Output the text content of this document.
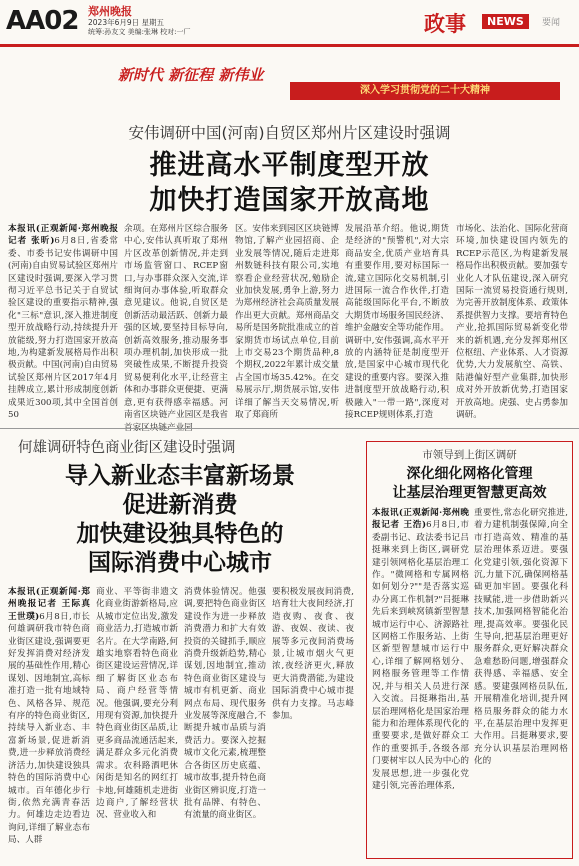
AA02 郑州晚报
2023年6月9日 星期五
统筹:孙友文 美编:张琳 校对:一厂	政事	NEWS	要闻
新时代 新征程 新伟业
深入学习贯彻党的二十大精神
安伟调研中国(河南)自贸区郑州片区建设时强调
推进高水平制度型开放
加快打造国家开放高地
本报讯(正观新闻·郑州晚报记者 张昕)6月8日,省委常委、市委书记安伟调研中国(河南)自由贸易试验区郑州片区建设时强调,要深入学习贯彻习近平总书记关于自贸试验区建设的重要指示精神,强化"三标"意识,深入推进制度型开放战略行动,持续提升开放能级,努力打造国家开放高地,为构建新发展格局作出积极贡献。中国(河南)自由贸易试验区郑州片区2017年4月挂牌成立,累计形成制度创新成果近300项,其中全国首创50
余项。在郑州片区综合服务中心,安伟认真听取了郑州片区改革创新情况,并走到市场监管窗口、RCEP窗口,与办事群众深入交流,详细询问办事体验,听取群众意见建议。他说,自贸区是创新活动最活跃、创新力最强的区域,要坚持目标导向,创新高效服务,推动服务事项办理机制,加快形成一批突破性成果,不断提升投资贸易便利化水平,让经营主体和办事群众更便捷、更满意,更有获得感幸福感。河南省区块链产业园区是我省
区。安伟来到园区区块链博物馆,了解产业园招商、企业发展等情况,随后走进郑州数链科技有限公司,实地察看企业经营状况,勉励企业加快发展,勇争上游,努力为郑州经济社会高质量发展作出更大贡献。郑州商品交易所是国务院批准成立的首家期货市场试点单位,目前上市交易23个期货品种,8个期权,2022年累计成交量占全国市场35.42%。在交易展示厅,期货展示馆,安伟详细了解当天交易情况,听取了郑商所
发展沿革介绍。他说,期货是经济的"预警机",对大宗商品安全,优质产业培育具有重要作用,要对标国际一流,建立国际化交易机制,引进国际一流合作伙伴,打造高能级国际化平台,不断放大期货市场服务国民经济、维护金融安全等功能作用。调研中,安伟强调,高水平开放的内涵特征是制度型开放,是国家中心城市现代化建设的重要内容。要深入推进制度型开放战略行动,积极融入"一带一路",深度对接RCEP规则体系,打造
市场化、法治化、国际化营商环境,加快建设国内领先的RCEP示范区,为构建新发展格局作出积极贡献。要加强专业化人才队伍建设,深入研究国际一流贸易投资通行规则,为完善开放制度体系、政策体系提供智力支撑。要培育特色产业,抢抓国际贸易新变化带来的新机遇,充分发挥郑州区位枢纽、产业体系、人才资源优势,大力发展航空、高铁、陆港偏好型产业集群,加快形成对外开放新优势,打造国家开放高地。虎强、史占勇参加调研。
何雄调研特色商业街区建设时强调
导入新业态丰富新场景
促进新消费
加快建设独具特色的
国际消费中心城市
本报讯(正观新闻·郑州晚报记者 王际真 王世璞)6月8日,市长何雄调研我市特色商业街区建设,强调要更好发挥消费对经济发展的基础性作用,精心谋划、因地制宜,高标准打造一批有地域特色、风格各异、规范有序的特色商业街区,持续导入新业态、丰富新场景,促进新消费,进一步释放消费经济活力,加快建设独具特色的国际消费中心城市。百年德化步行街,依然充满青春活力。何雄边走边看边询问,详细了解业态布局、人群
商业、平等街非遗文化商业街游新格局,应从城市定位出发,激发商业活力,打造城市新名片。在大学南路,何雄实地察看特色商业街区建设运营情况,详细了解街区业态布局、商户经营等情况。他强调,要充分利用现有资源,加快提升特色商业街区品质,让更多商品流通活起来,满足群众多元化消费需求。农科路酒吧休闲街是知名的网红打卡地,何雄随机走进街边商户,了解经营状况、营业收入和
消费体验情况。他强调,要把特色商业街区建设作为进一步释放消费潜力和扩大有效投资的关键抓手,顺应消费升级新趋势,精心谋划,因地制宜,推动特色商业街区建设与城市有机更新、商业网点布局、现代服务业发展等深度融合,不断提升城市品质与消费活力。要深入挖掘城市文化元素,梳理整合各街区历史底蕴、城市故事,提升特色商业街区辨识度,打造一批有品牌、有特色、有流量的商业街区。
要积极发展夜间消费,培育壮大夜间经济,打造夜购、夜食、夜游、夜娱、夜读、夜展等多元夜间消费场景,让城市烟火气更浓,夜经济更火,释放更大消费潜能,为建设国际消费中心城市提供有力支撑。马志峰参加。
市领导到上街区调研
深化细化网格化管理
让基层治理更智慧更高效
本报讯(正观新闻·郑州晚报记者 王浩)6月8日,市委副书记、政法委书记吕挺琳来到上街区,调研党建引领网格化基层治理工作。"微网格和专属网格如何划分?""是否落实巡办分离工作机制?"吕挺琳先后来到峡窝镇新型智慧城市运行中心、济源路社区网格工作服务站、上街区新型智慧城市运行中心,详细了解网格划分、网格服务管理等工作情况,并与相关人员进行深入交流。吕挺琳指出,基层治理网格化是国家治理能力和治理体系现代化的重要要求,是做好群众工作的重要抓手,各级各部门要树牢以人民为中心的发展思想,进一步强化党建引领,完善治理体系,
重要性,常态化研究推进,着力建机制强保障,向全市打造高效、精准的基层治理体系迈进。要强化党建引领,强化资源下沉,力量下沉,确保网格基础更加牢固。要强化科技赋能,进一步借助新兴技术,加强网格智能化治理,提高效率。要强化民生导向,把基层治理更好服务群众,更好解决群众急难愁盼问题,增强群众获得感、幸福感、安全感。要建强网格员队伍,开展精准化培训,提升网格员服务群众的能力水平,在基层治理中发挥更大作用。吕挺琳要求,要充分认识基层治理网格化的
